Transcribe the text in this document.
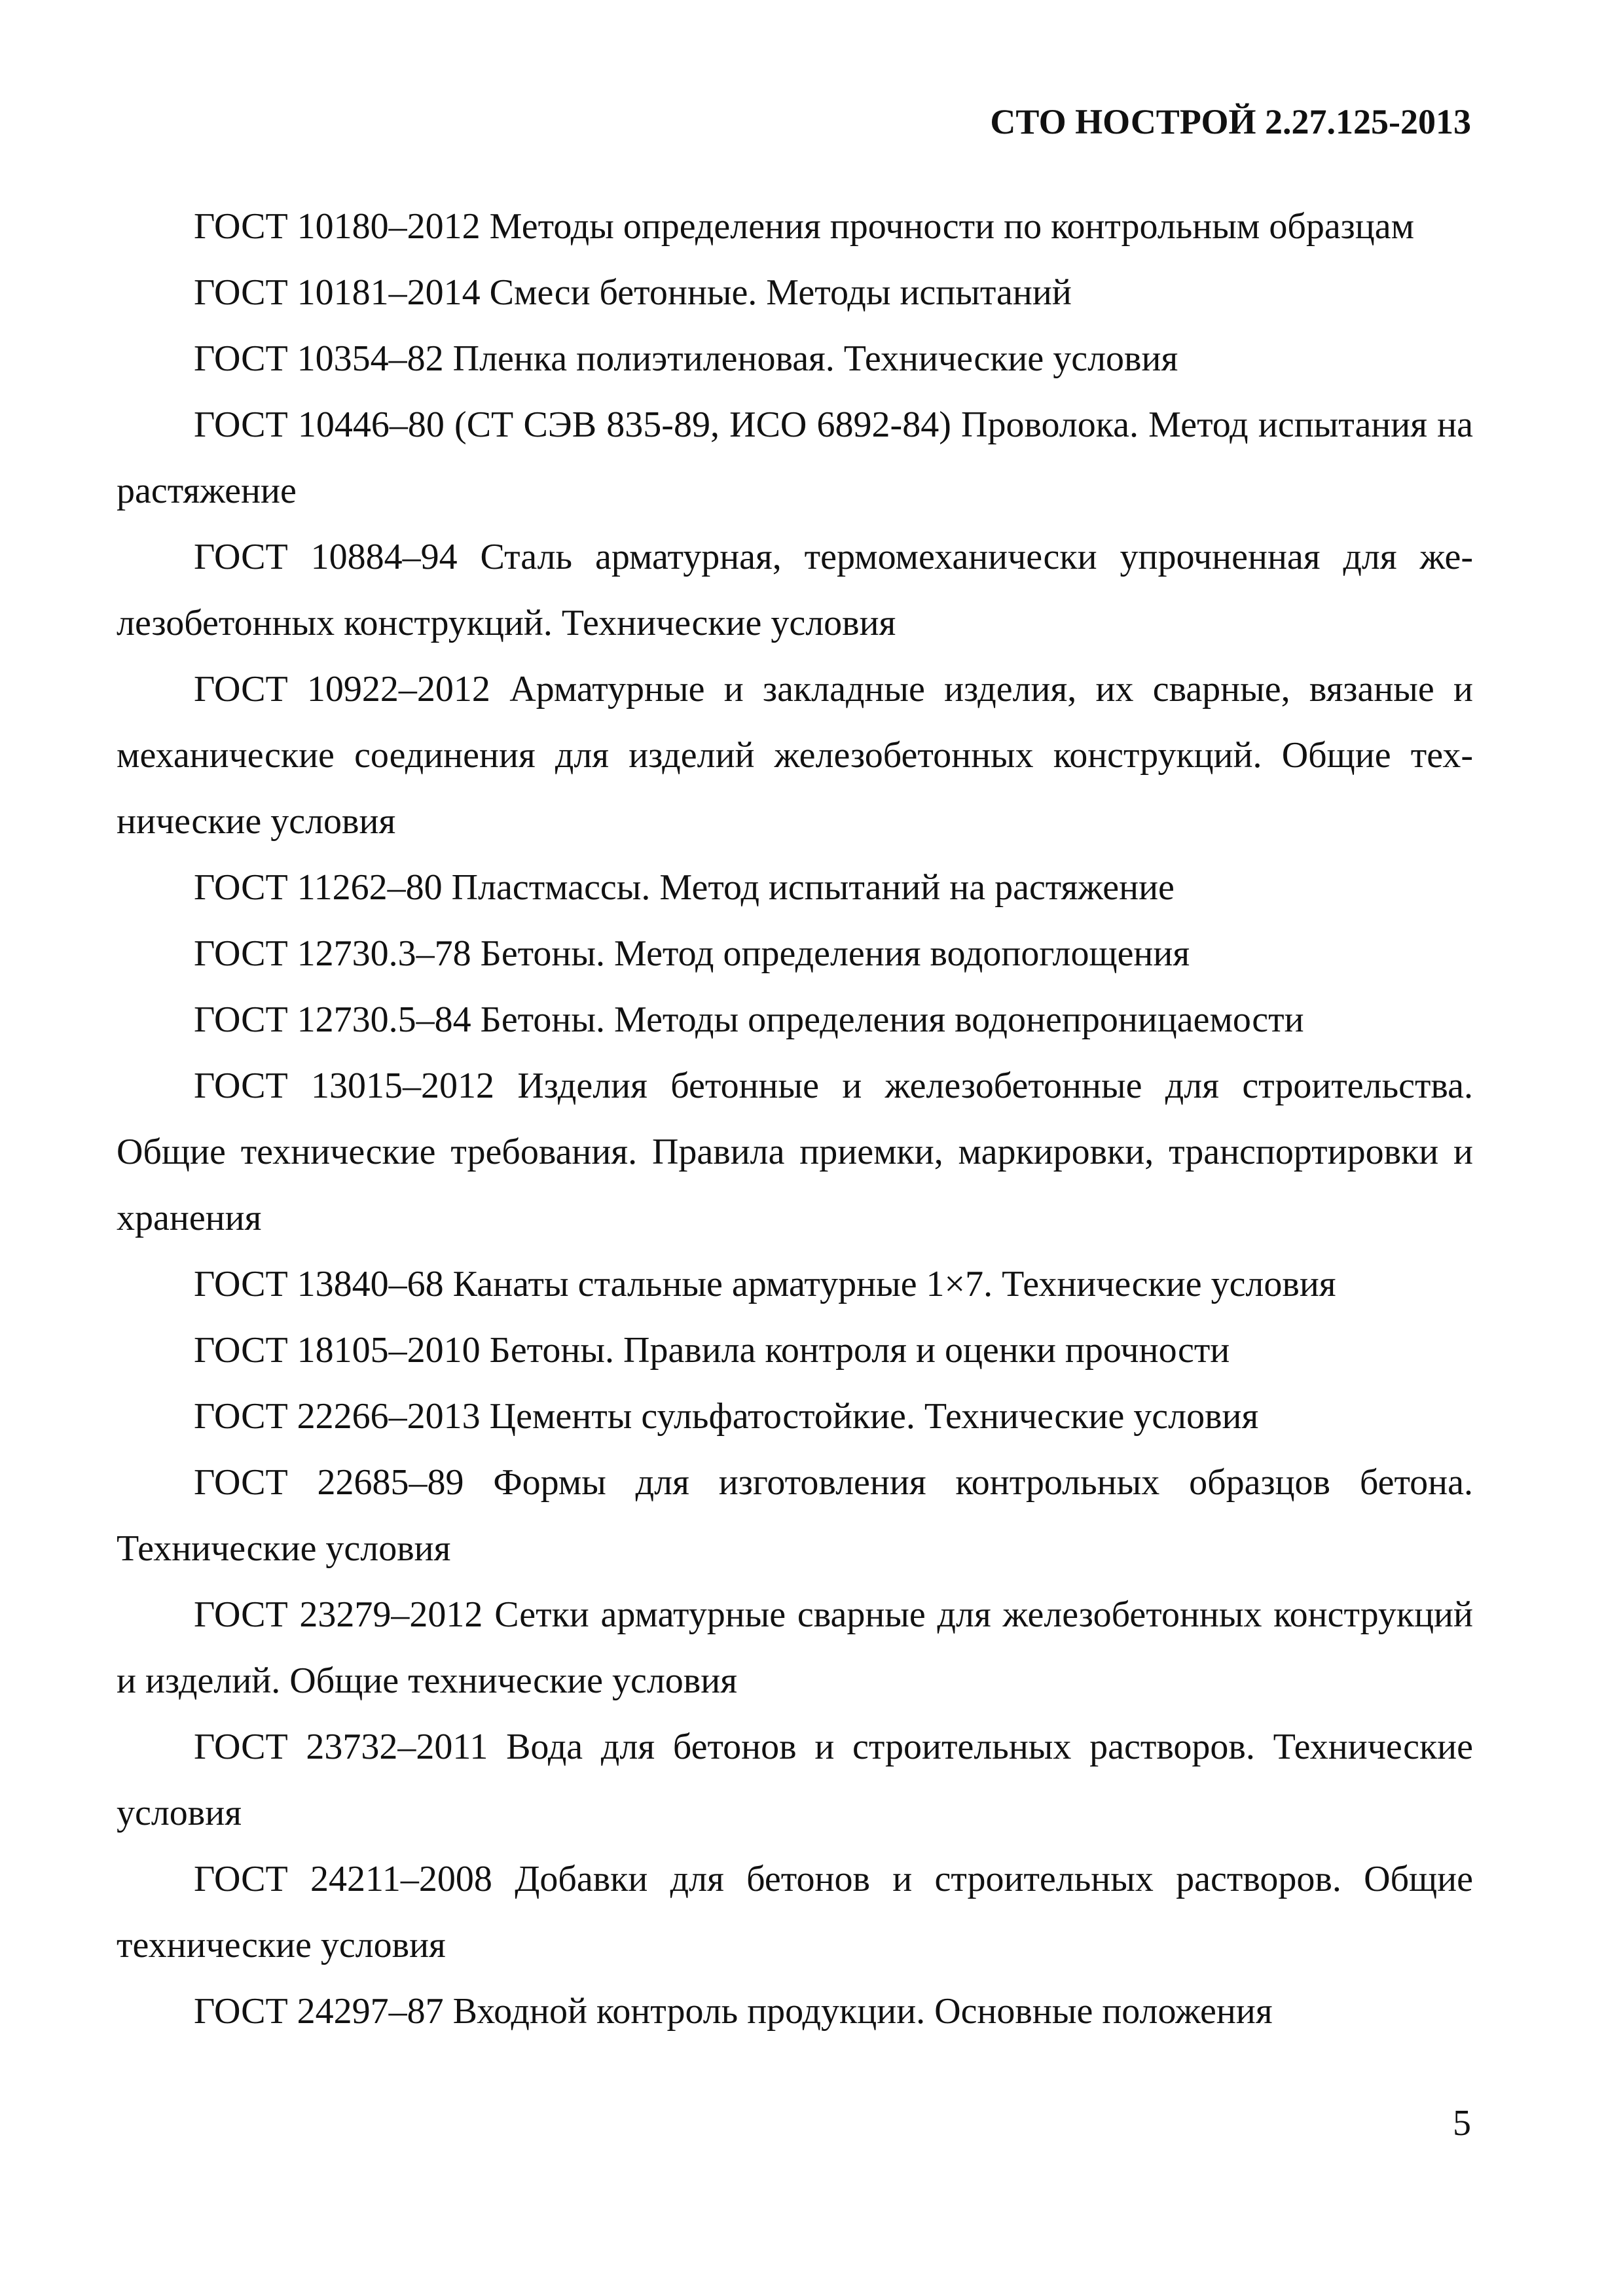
СТО НОСТРОЙ 2.27.125-2013

ГОСТ 10180–2012 Методы определения прочности по контрольным образцам

ГОСТ 10181–2014 Смеси бетонные. Методы испытаний

ГОСТ 10354–82 Пленка полиэтиленовая. Технические условия

ГОСТ 10446–80 (СТ СЭВ 835-89, ИСО 6892-84) Проволока. Метод испытания на растяжение

ГОСТ 10884–94 Сталь арматурная, термомеханически упрочненная для железобетонных конструкций. Технические условия

ГОСТ 10922–2012 Арматурные и закладные изделия, их сварные, вязаные и механические соединения для изделий железобетонных конструкций. Общие технические условия

ГОСТ 11262–80 Пластмассы. Метод испытаний на растяжение

ГОСТ 12730.3–78 Бетоны. Метод определения водопоглощения

ГОСТ 12730.5–84 Бетоны. Методы определения водонепроницаемости

ГОСТ 13015–2012 Изделия бетонные и железобетонные для строительства. Общие технические требования. Правила приемки, маркировки, транспортировки и хранения

ГОСТ 13840–68 Канаты стальные арматурные 1×7. Технические условия

ГОСТ 18105–2010 Бетоны. Правила контроля и оценки прочности

ГОСТ 22266–2013 Цементы сульфатостойкие. Технические условия

ГОСТ 22685–89 Формы для изготовления контрольных образцов бетона. Технические условия

ГОСТ 23279–2012 Сетки арматурные сварные для железобетонных конструкций и изделий. Общие технические условия

ГОСТ 23732–2011 Вода для бетонов и строительных растворов. Технические условия

ГОСТ 24211–2008 Добавки для бетонов и строительных растворов. Общие технические условия

ГОСТ 24297–87 Входной контроль продукции. Основные положения

5
